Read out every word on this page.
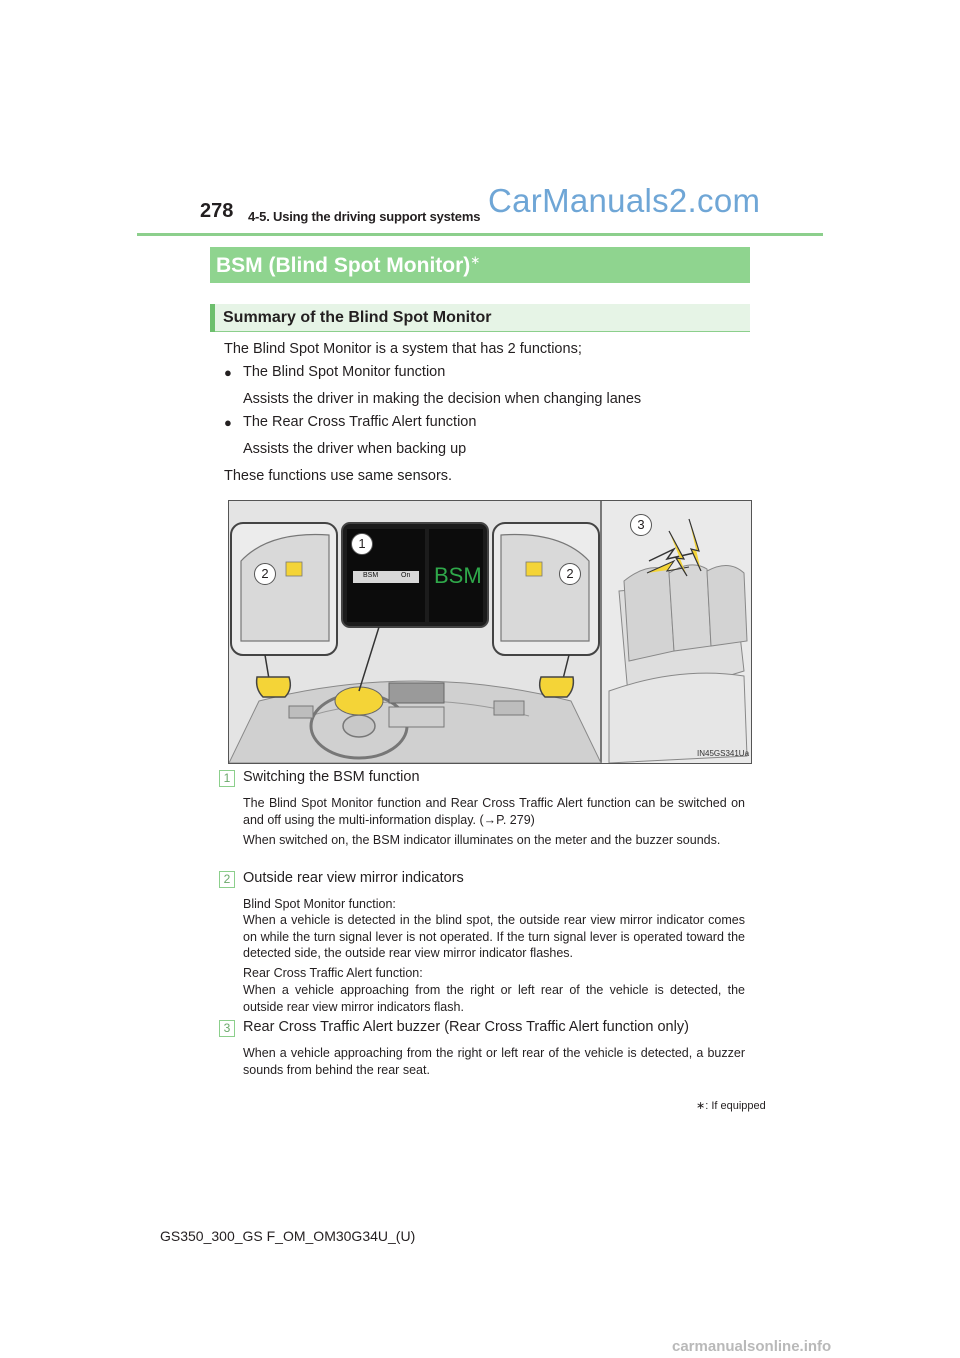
278 4-5. Using the driving support systems CarManuals2.com
BSM (Blind Spot Monitor)∗
Summary of the Blind Spot Monitor
The Blind Spot Monitor is a system that has 2 functions;
● The Blind Spot Monitor function
Assists the driver in making the decision when changing lanes
● The Rear Cross Traffic Alert function
Assists the driver when backing up
These functions use same sensors.
1
2	2
3
BSM
BSM	On
IN45GS341Ua
1 Switching the BSM function
The Blind Spot Monitor function and Rear Cross Traffic Alert function can be switched on and off using the multi-information display. (→P. 279)
When switched on, the BSM indicator illuminates on the meter and the buzzer sounds.
2 Outside rear view mirror indicators
Blind Spot Monitor function:
When a vehicle is detected in the blind spot, the outside rear view mirror indicator comes on while the turn signal lever is not operated. If the turn signal lever is operated toward the detected side, the outside rear view mirror indicator flashes.
Rear Cross Traffic Alert function:
When a vehicle approaching from the right or left rear of the vehicle is detected, the outside rear view mirror indicators flash.
3 Rear Cross Traffic Alert buzzer (Rear Cross Traffic Alert function only)
When a vehicle approaching from the right or left rear of the vehicle is detected, a buzzer sounds from behind the rear seat.
∗: If equipped
GS350_300_GS F_OM_OM30G34U_(U)
carmanualsonline.info
